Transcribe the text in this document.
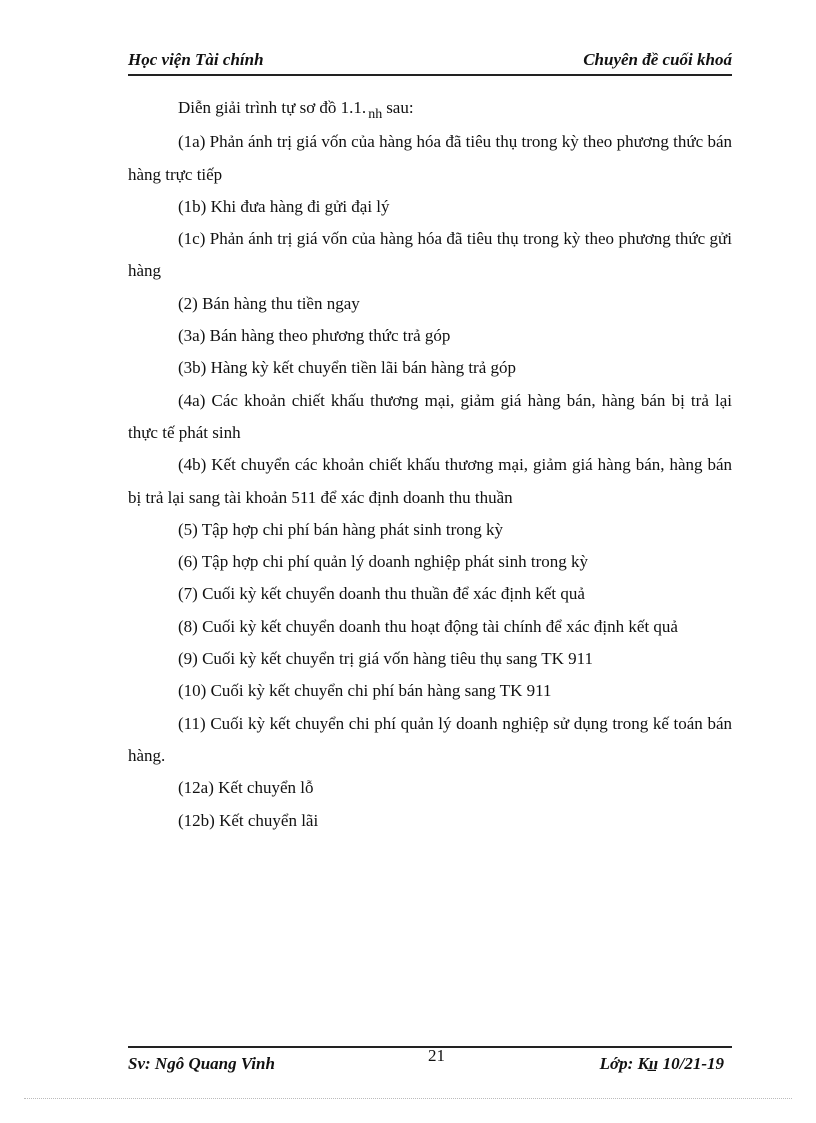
Học viện Tài chính	Chuyên đề cuối khoá

Diễn giải trình tự sơ đồ 1.1. $_{nh}$ sau:

(1a) Phản ánh trị giá vốn của hàng hóa đã tiêu thụ trong kỳ theo phương thức bán hàng trực tiếp

(1b) Khi đưa hàng đi gửi đại lý

(1c) Phản ánh trị giá vốn của hàng hóa đã tiêu thụ trong kỳ theo phương thức gửi hàng

(2) Bán hàng thu tiền ngay

(3a) Bán hàng theo phương thức trả góp

(3b) Hàng kỳ kết chuyển tiền lãi bán hàng trả góp

(4a) Các khoản chiết khấu thương mại, giảm giá hàng bán, hàng bán bị trả lại thực tế phát sinh

(4b) Kết chuyển các khoản chiết khấu thương mại, giảm giá hàng bán, hàng bán bị trả lại sang tài khoản 511 để xác định doanh thu thuần

(5) Tập hợp chi phí bán hàng phát sinh trong kỳ

(6) Tập hợp chi phí quản lý doanh nghiệp phát sinh trong kỳ

(7) Cuối kỳ kết chuyển doanh thu thuần để xác định kết quả

(8) Cuối kỳ kết chuyển doanh thu hoạt động tài chính để xác định kết quả

(9) Cuối kỳ kết chuyển trị giá vốn hàng tiêu thụ sang TK 911

(10) Cuối kỳ kết chuyển chi phí bán hàng sang TK 911

(11) Cuối kỳ kết chuyển chi phí quản lý doanh nghiệp sử dụng trong kế toán bán hàng.

(12a) Kết chuyển lỗ

(12b) Kết chuyển lãi

Sv: Ngô Quang Vinh	21	Lớp: Kı̲ı 10/21-19
